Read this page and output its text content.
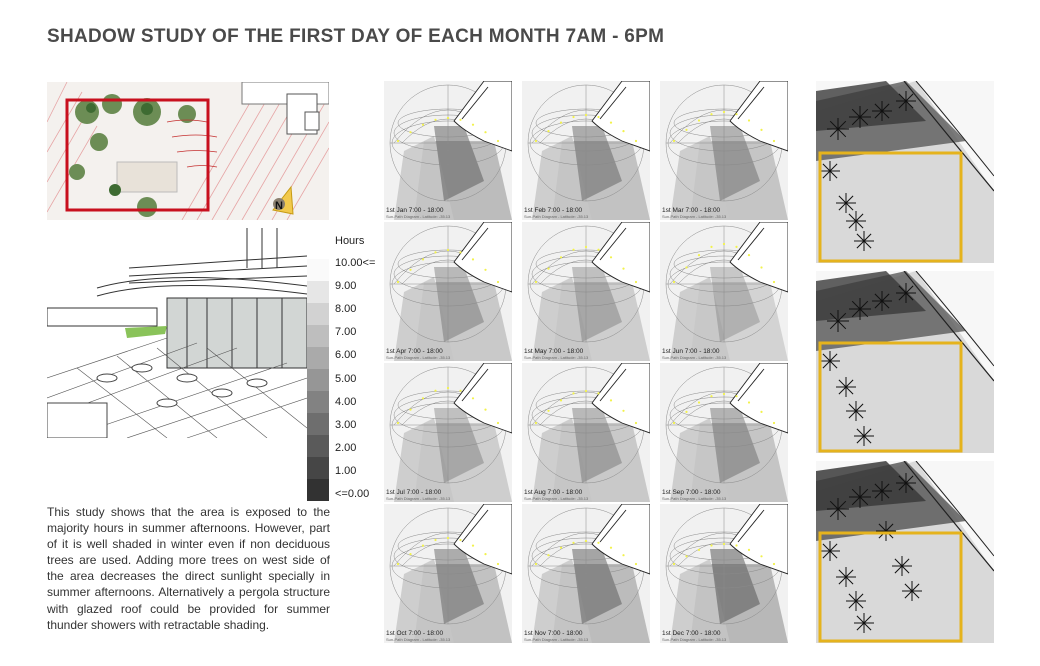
SHADOW STUDY OF THE FIRST DAY OF EACH MONTH 7AM - 6PM
N
Hours
10.00<=
9.00
8.00
7.00
6.00
5.00
4.00
3.00
2.00
1.00
<=0.00
This study shows that the area is exposed to the majority hours in summer afternoons. However, part of it is well shaded in winter even if non deciduous trees are used. Adding more trees on west side of the area decreases the direct sunlight specially in summer afternoons. Alternatively a pergola structure with glazed roof could be provided for summer thunder showers with retractable shading.
1st Jan 7:00 - 18:00
Sun-Path Diagram - Latitude: -35.13
1st Feb 7:00 - 18:00
Sun-Path Diagram - Latitude: -35.13
1st Mar 7:00 - 18:00
Sun-Path Diagram - Latitude: -35.13
1st Apr 7:00 - 18:00
Sun-Path Diagram - Latitude: -35.13
1st May 7:00 - 18:00
Sun-Path Diagram - Latitude: -35.13
1st Jun 7:00 - 18:00
Sun-Path Diagram - Latitude: -35.13
1st Jul 7:00 - 18:00
Sun-Path Diagram - Latitude: -35.13
1st Aug 7:00 - 18:00
Sun-Path Diagram - Latitude: -35.13
1st Sep 7:00 - 18:00
Sun-Path Diagram - Latitude: -35.13
1st Oct 7:00 - 18:00
Sun-Path Diagram - Latitude: -35.13
1st Nov 7:00 - 18:00
Sun-Path Diagram - Latitude: -35.13
1st Dec 7:00 - 18:00
Sun-Path Diagram - Latitude: -35.13
